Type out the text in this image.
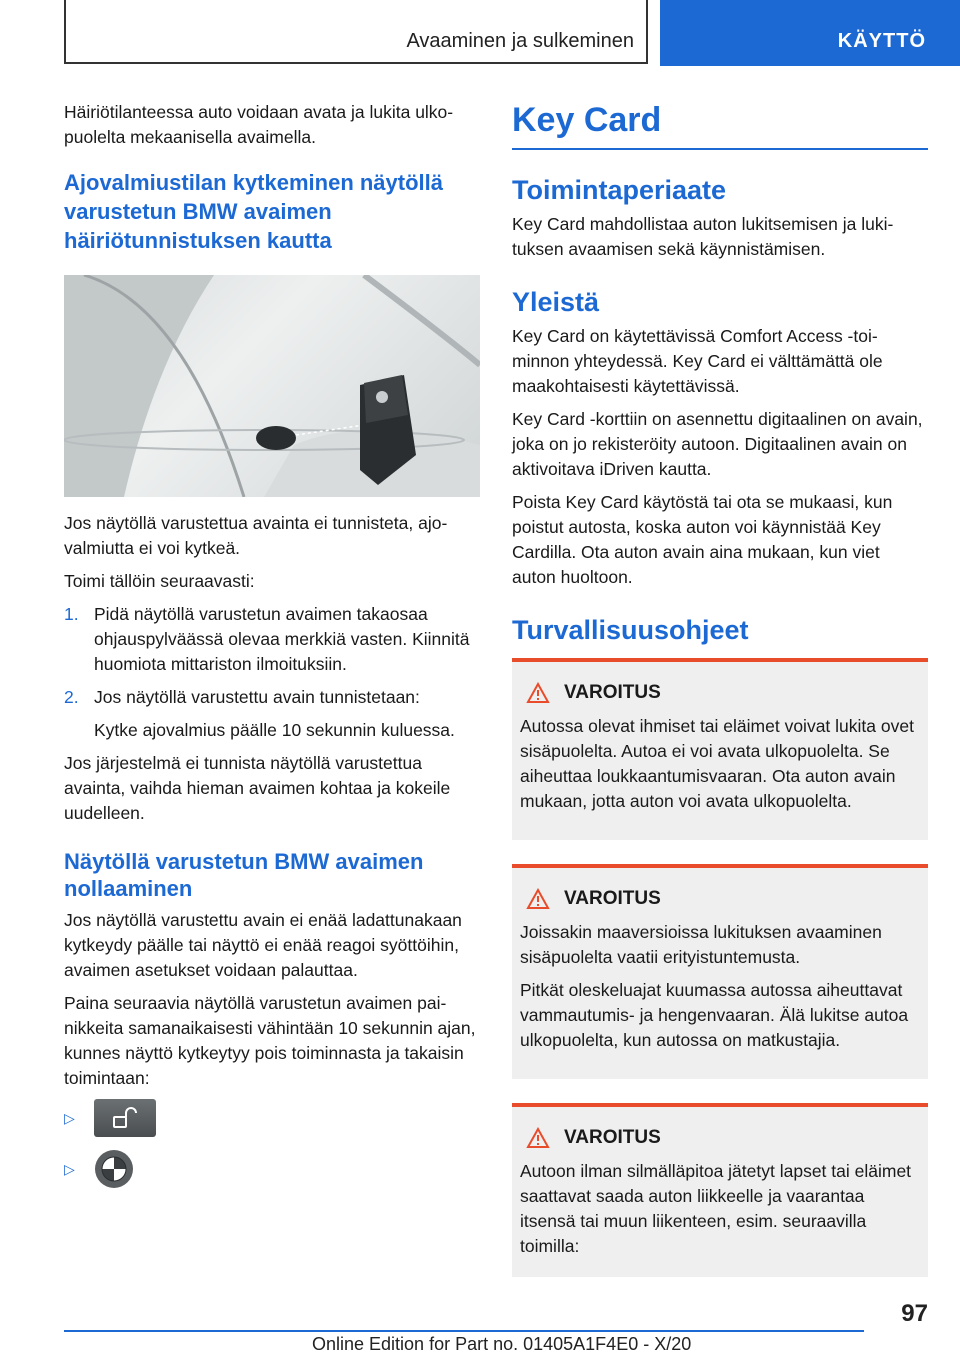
Avaaminen ja sulkeminen	KÄYTTÖ

Häiriötilanteessa auto voidaan avata ja lukita ulkopuolelta mekaanisella avaimella.

Ajovalmiustilan kytkeminen näytöllä varustetun BMW avaimen häiriötunnistuksen kautta

Jos näytöllä varustettua avainta ei tunnisteta, ajovalmiutta ei voi kytkeä.

Toimi tällöin seuraavasti:

1. Pidä näytöllä varustetun avaimen takaosaa ohjauspylväässä olevaa merkkiä vasten. Kiinnitä huomiota mittariston ilmoituksiin.
2. Jos näytöllä varustettu avain tunnistetaan:

Kytke ajovalmius päälle 10 sekunnin kuluessa.

Jos järjestelmä ei tunnista näytöllä varustettua avainta, vaihda hieman avaimen kohtaa ja kokeile uudelleen.

Näytöllä varustetun BMW avaimen nollaaminen

Jos näytöllä varustettu avain ei enää ladattunakaan kytkeydy päälle tai näyttö ei enää reagoi syöttöihin, avaimen asetukset voidaan palauttaa.

Paina seuraavia näytöllä varustetun avaimen painikkeita samanaikaisesti vähintään 10 sekunnin ajan, kunnes näyttö kytkeytyy pois toiminnasta ja takaisin toimintaan:

▷
▷
Key Card
Toimintaperiaate

Key Card mahdollistaa auton lukitsemisen ja lukituksen avaamisen sekä käynnistämisen.

Yleistä

Key Card on käytettävissä Comfort Access -toiminnon yhteydessä. Key Card ei välttämättä ole maakohtaisesti käytettävissä.

Key Card -korttiin on asennettu digitaalinen on avain, joka on jo rekisteröity autoon. Digitaalinen avain on aktivoitava iDriven kautta.

Poista Key Card käytöstä tai ota se mukaasi, kun poistut autosta, koska auton voi käynnistää Key Cardilla. Ota auton avain aina mukaan, kun viet auton huoltoon.

Turvallisuusohjeet
VAROITUS

Autossa olevat ihmiset tai eläimet voivat lukita ovet sisäpuolelta. Autoa ei voi avata ulkopuolelta. Se aiheuttaa loukkaantumisvaaran. Ota auton avain mukaan, jotta auton voi avata ulkopuolelta.

VAROITUS

Joissakin maaversioissa lukituksen avaaminen sisäpuolelta vaatii erityistuntemusta.

Pitkät oleskeluajat kuumassa autossa aiheuttavat vammautumis- ja hengenvaaran. Älä lukitse autoa ulkopuolelta, kun autossa on matkustajia.

VAROITUS

Autoon ilman silmälläpitoa jätetyt lapset tai eläimet saattavat saada auton liikkeelle ja vaarantaa itsensä tai muun liikenteen, esim. seuraavilla toimilla:

97
Online Edition for Part no. 01405A1F4E0 - X/20
